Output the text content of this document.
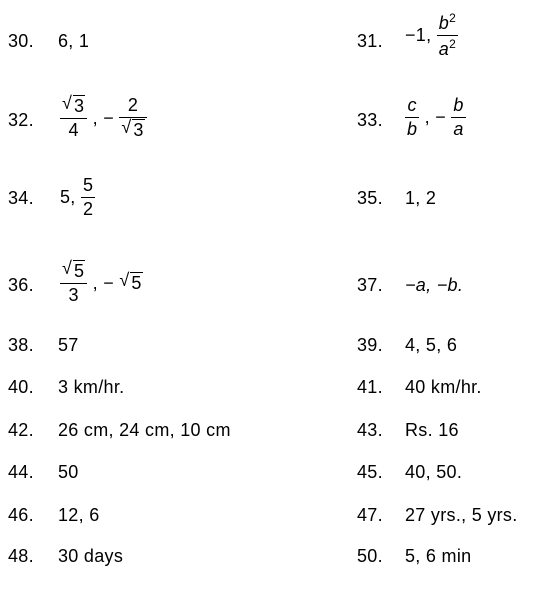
30. 6, 1	31. −1, $\frac{b^2}{a^2}$
32. $\frac{√ 3}{4}$ , − $\frac{2}{√ 3}$	33. $\frac{c}{b}$ , − $\frac{b}{a}$
34. 5, $\frac{5}{2}$	35. 1, 2
36. $\frac{√ 5}{3}$ , − √ 5	37. −a, −b.
38. 57	39. 4, 5, 6
40. 3 km/hr.	41. 40 km/hr.
42. 26 cm, 24 cm, 10 cm	43. Rs. 16
44. 50	45. 40, 50.
46. 12, 6	47. 27 yrs., 5 yrs.
48. 30 days	50. 5, 6 min
